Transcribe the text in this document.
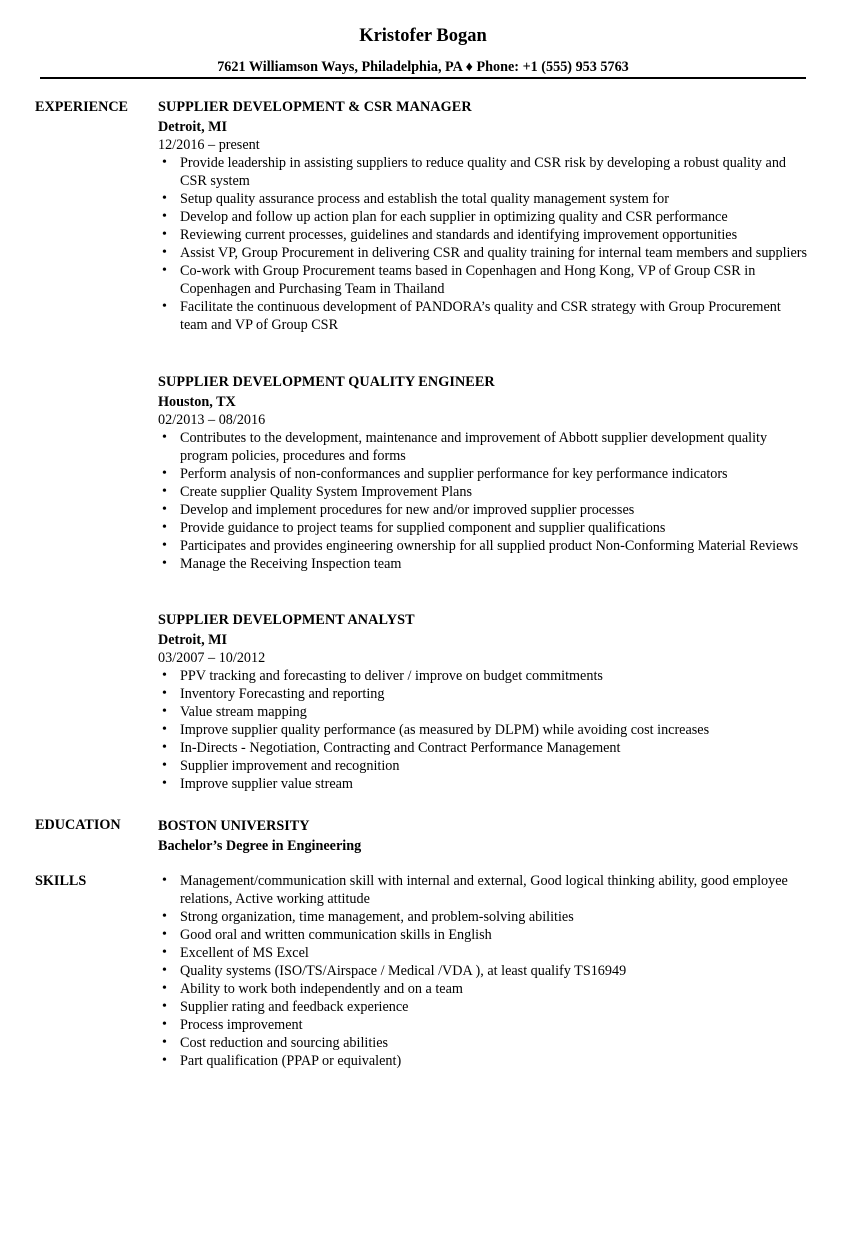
Kristofer Bogan
7621 Williamson Ways, Philadelphia, PA ♦ Phone: +1 (555) 953 5763
EXPERIENCE SUPPLIER DEVELOPMENT & CSR MANAGER
Detroit, MI
12/2016 – present
• Provide leadership in assisting suppliers to reduce quality and CSR risk by developing a robust quality and CSR system
• Setup quality assurance process and establish the total quality management system for
• Develop and follow up action plan for each supplier in optimizing quality and CSR performance
• Reviewing current processes, guidelines and standards and identifying improvement opportunities
• Assist VP, Group Procurement in delivering CSR and quality training for internal team members and suppliers
• Co-work with Group Procurement teams based in Copenhagen and Hong Kong, VP of Group CSR in Copenhagen and Purchasing Team in Thailand
• Facilitate the continuous development of PANDORA’s quality and CSR strategy with Group Procurement team and VP of Group CSR
SUPPLIER DEVELOPMENT QUALITY ENGINEER
Houston, TX
02/2013 – 08/2016
• Contributes to the development, maintenance and improvement of Abbott supplier development quality program policies, procedures and forms
• Perform analysis of non-conformances and supplier performance for key performance indicators
• Create supplier Quality System Improvement Plans
• Develop and implement procedures for new and/or improved supplier processes
• Provide guidance to project teams for supplied component and supplier qualifications
• Participates and provides engineering ownership for all supplied product Non-Conforming Material Reviews
• Manage the Receiving Inspection team
SUPPLIER DEVELOPMENT ANALYST
Detroit, MI
03/2007 – 10/2012
• PPV tracking and forecasting to deliver / improve on budget commitments
• Inventory Forecasting and reporting
• Value stream mapping
• Improve supplier quality performance (as measured by DLPM) while avoiding cost increases
• In-Directs - Negotiation, Contracting and Contract Performance Management
• Supplier improvement and recognition
• Improve supplier value stream
EDUCATION	BOSTON UNIVERSITY
Bachelor’s Degree in Engineering
SKILLS	• Management/communication skill with internal and external, Good logical thinking ability, good employee relations, Active working attitude
• Strong organization, time management, and problem-solving abilities
• Good oral and written communication skills in English
• Excellent of MS Excel
• Quality systems (ISO/TS/Airspace / Medical /VDA ), at least qualify TS16949
• Ability to work both independently and on a team
• Supplier rating and feedback experience
• Process improvement
• Cost reduction and sourcing abilities
• Part qualification (PPAP or equivalent)
